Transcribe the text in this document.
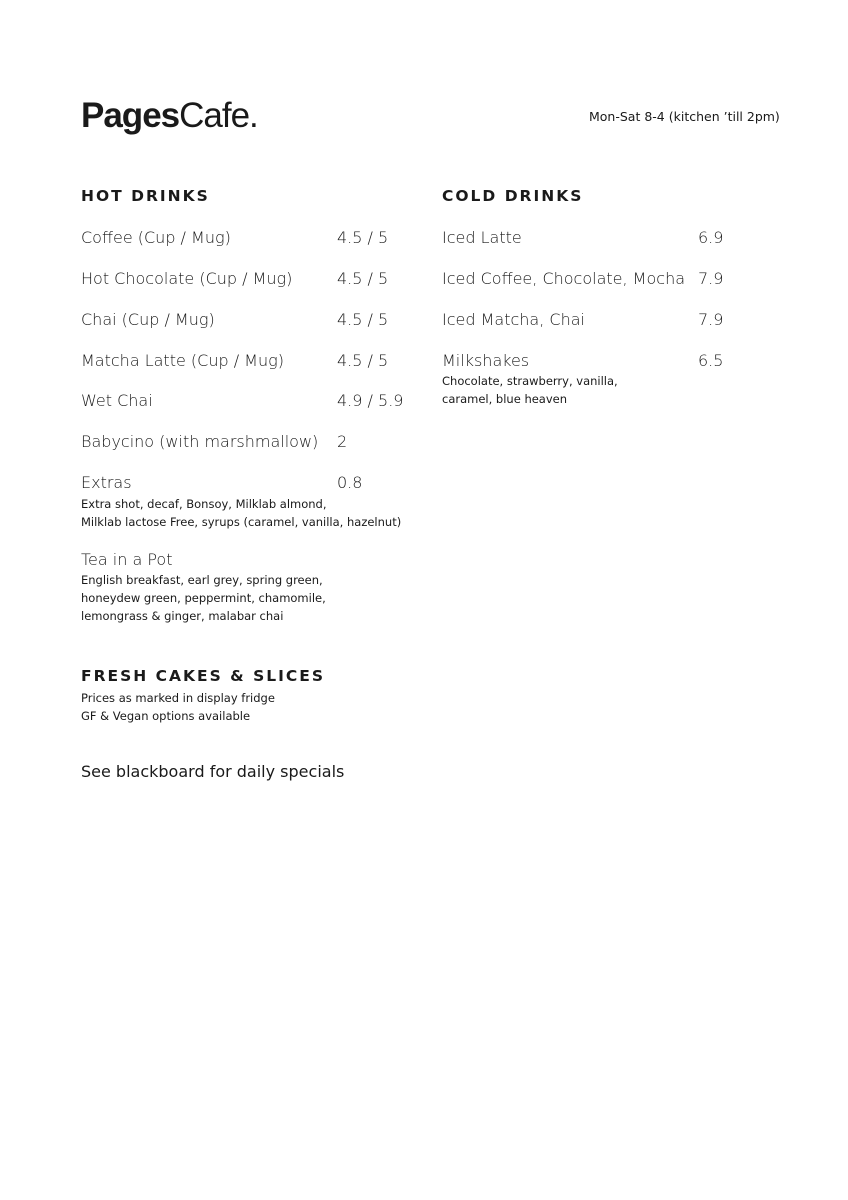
PagesCafe.	Mon-Sat 8-4 (kitchen ’till 2pm)
HOT DRINKS
Coffee (Cup / Mug)	4.5 / 5
Hot Chocolate (Cup / Mug)	4.5 / 5
Chai (Cup / Mug)	4.5 / 5
Matcha Latte (Cup / Mug)	4.5 / 5
Wet Chai	4.9 / 5.9
Babycino (with marshmallow) 2
Extras	0.8
Extra shot, decaf, Bonsoy, Milklab almond,
Milklab lactose Free, syrups (caramel, vanilla, hazelnut)
Tea in a Pot
English breakfast, earl grey, spring green,
honeydew green, peppermint, chamomile,
lemongrass & ginger, malabar chai
COLD DRINKS
Iced Latte	6.9
Iced Coffee, Chocolate, Mocha 7.9
Iced Matcha, Chai	7.9
Milkshakes	6.5
Chocolate, strawberry, vanilla,
caramel, blue heaven
FRESH CAKES & SLICES
Prices as marked in display fridge
GF & Vegan options available
See blackboard for daily specials
